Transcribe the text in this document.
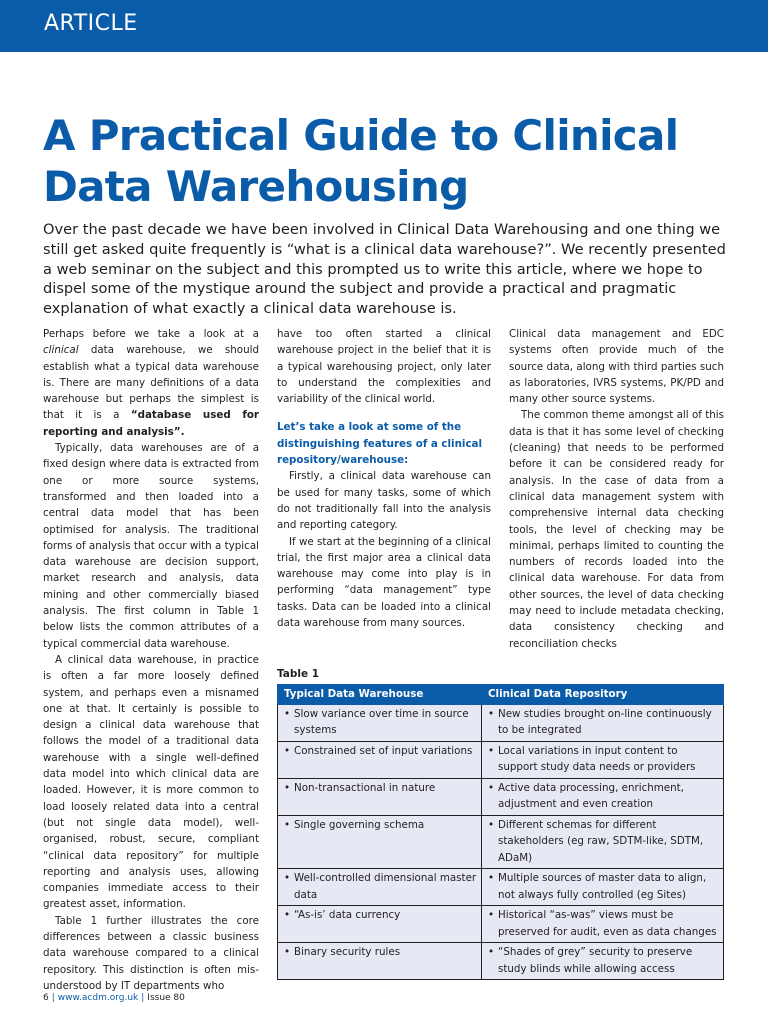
ARTICLE
A Practical Guide to Clinical Data Warehousing

Over the past decade we have been involved in Clinical Data Warehousing and one thing we still get asked quite frequently is “what is a clinical data warehouse?”. We recently presented a web seminar on the subject and this prompted us to write this article, where we hope to dispel some of the mystique around the subject and provide a practical and pragmatic explanation of what exactly a clinical data warehouse is.

Perhaps before we take a look at a clinical data warehouse, we should establish what a typical data warehouse is. There are many definitions of a data warehouse but perhaps the simplest is that it is a “database used for reporting and analysis”.

Typically, data warehouses are of a fixed design where data is extracted from one or more source systems, transformed and then loaded into a central data model that has been optimised for analysis. The traditional forms of analysis that occur with a typical data warehouse are decision support, market research and analysis, data mining and other commercially biased analysis. The first column in Table 1 below lists the common attributes of a typical commercial data warehouse.

A clinical data warehouse, in practice is often a far more loosely defined system, and perhaps even a misnamed one at that. It certainly is possible to design a clinical data warehouse that follows the model of a traditional data warehouse with a single well-defined data model into which clinical data are loaded. However, it is more common to load loosely related data into a central (but not single data model), well-organised, robust, secure, compliant “clinical data repository” for multiple reporting and analysis uses, allowing companies immediate access to their greatest asset, information.

Table 1 further illustrates the core differences between a classic business data warehouse compared to a clinical repository. This distinction is often mis-understood by IT departments who

have too often started a clinical warehouse project in the belief that it is a typical warehousing project, only later to understand the complexities and variability of the clinical world.

Let’s take a look at some of the distinguishing features of a clinical repository/warehouse:

Firstly, a clinical data warehouse can be used for many tasks, some of which do not traditionally fall into the analysis and reporting category.

If we start at the beginning of a clinical trial, the first major area a clinical data warehouse may come into play is in performing “data management” type tasks. Data can be loaded into a clinical data warehouse from many sources.

Clinical data management and EDC systems often provide much of the source data, along with third parties such as laboratories, IVRS systems, PK/PD and many other source systems.

The common theme amongst all of this data is that it has some level of checking (cleaning) that needs to be performed before it can be considered ready for analysis. In the case of data from a clinical data management system with comprehensive internal data checking tools, the level of checking may be minimal, perhaps limited to counting the numbers of records loaded into the clinical data warehouse. For data from other sources, the level of data checking may need to include metadata checking, data consistency checking and reconciliation checks

Table 1
Typical Data Warehouse	Clinical Data Repository

• Slow variance over time in source systems	• New studies brought on-line continuously to be integrated

• Constrained set of input variations	• Local variations in input content to support study data needs or providers

• Non-transactional in nature	• Active data processing, enrichment, adjustment and even creation

• Single governing schema	• Different schemas for different stakeholders (eg raw, SDTM-like, SDTM, ADaM)

• Well-controlled dimensional master data	• Multiple sources of master data to align, not always fully controlled (eg Sites)

• “As-is’ data currency	• Historical “as-was” views must be preserved for audit, even as data changes

• Binary security rules	• “Shades of grey” security to preserve study blinds while allowing access
6 | www.acdm.org.uk | Issue 80
